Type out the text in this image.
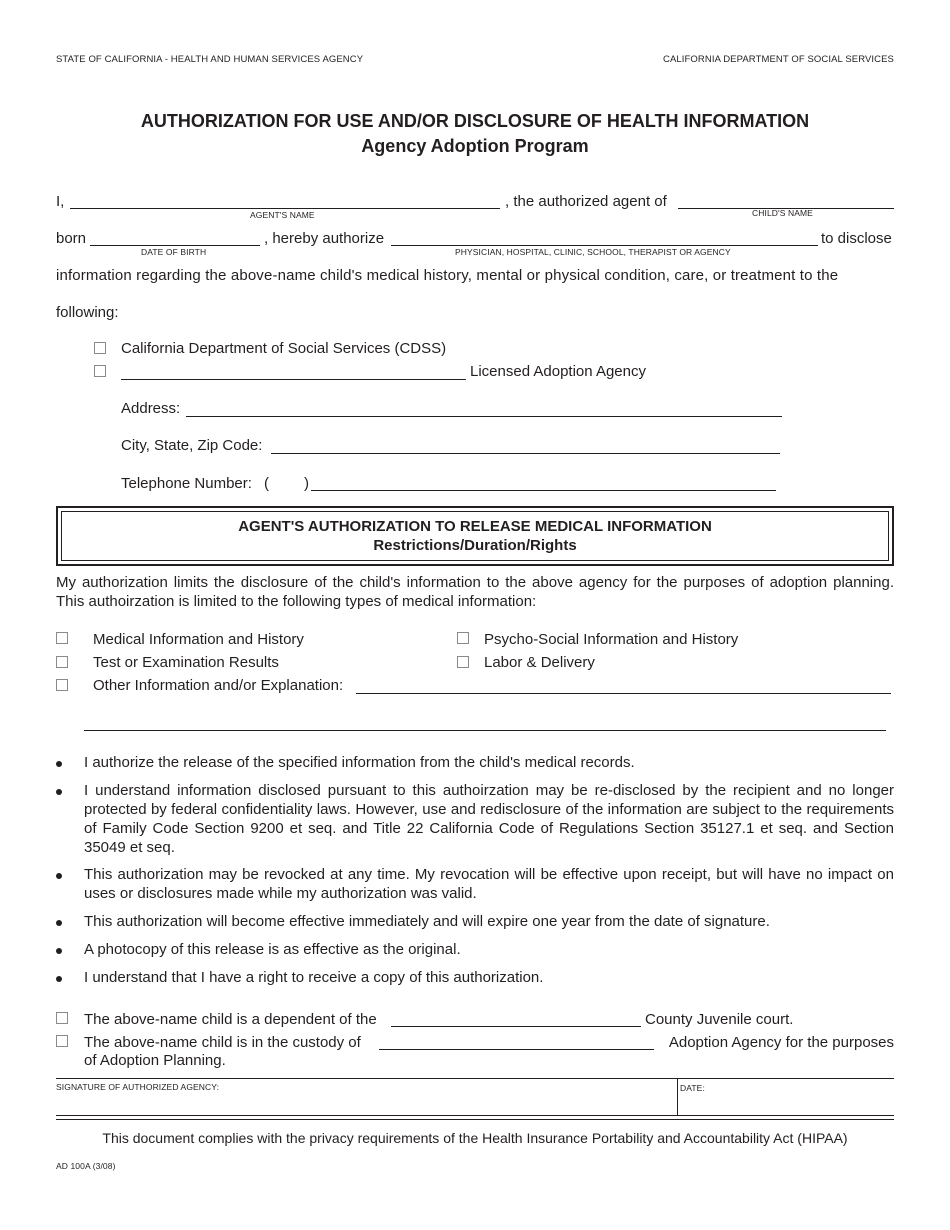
STATE OF CALIFORNIA - HEALTH AND HUMAN SERVICES AGENCY	CALIFORNIA DEPARTMENT OF SOCIAL SERVICES
AUTHORIZATION FOR USE AND/OR DISCLOSURE OF HEALTH INFORMATION
Agency Adoption Program
I,
AGENT'S NAME
, the authorized agent of
CHILD'S NAME
born
DATE OF BIRTH
, hereby authorize
PHYSICIAN, HOSPITAL, CLINIC, SCHOOL, THERAPIST OR AGENCY
to disclose
information regarding the above-name child's medical history, mental or physical condition, care, or treatment to the
following:
California Department of Social Services (CDSS)
Licensed Adoption Agency
Address:
City, State, Zip Code:
Telephone Number: ( )
AGENT'S AUTHORIZATION TO RELEASE MEDICAL INFORMATION
Restrictions/Duration/Rights
My authorization limits the disclosure of the child's information to the above agency for the purposes of adoption planning. This authoirzation is limited to the following types of medical information:
Medical Information and History	Psycho-Social Information and History
Test or Examination Results	Labor & Delivery
Other Information and/or Explanation:
I authorize the release of the specified information from the child's medical records.
I understand information disclosed pursuant to this authoirzation may be re-disclosed by the recipient and no longer protected by federal confidentiality laws. However, use and redisclosure of the information are subject to the requirements of Family Code Section 9200 et seq. and Title 22 California Code of Regulations Section 35127.1 et seq. and Section 35049 et seq.
This authorization may be revocked at any time. My revocation will be effective upon receipt, but will have no impact on uses or disclosures made while my authorization was valid.
This authorization will become effective immediately and will expire one year from the date of signature.
A photocopy of this release is as effective as the original.
I understand that I have a right to receive a copy of this authorization.
The above-name child is a dependent of the	County Juvenile court.
The above-name child is in the custody of	Adoption Agency for the purposes
of Adoption Planning.
SIGNATURE OF AUTHORIZED AGENCY:	DATE:
This document complies with the privacy requirements of the Health Insurance Portability and Accountability Act (HIPAA)
AD 100A (3/08)
